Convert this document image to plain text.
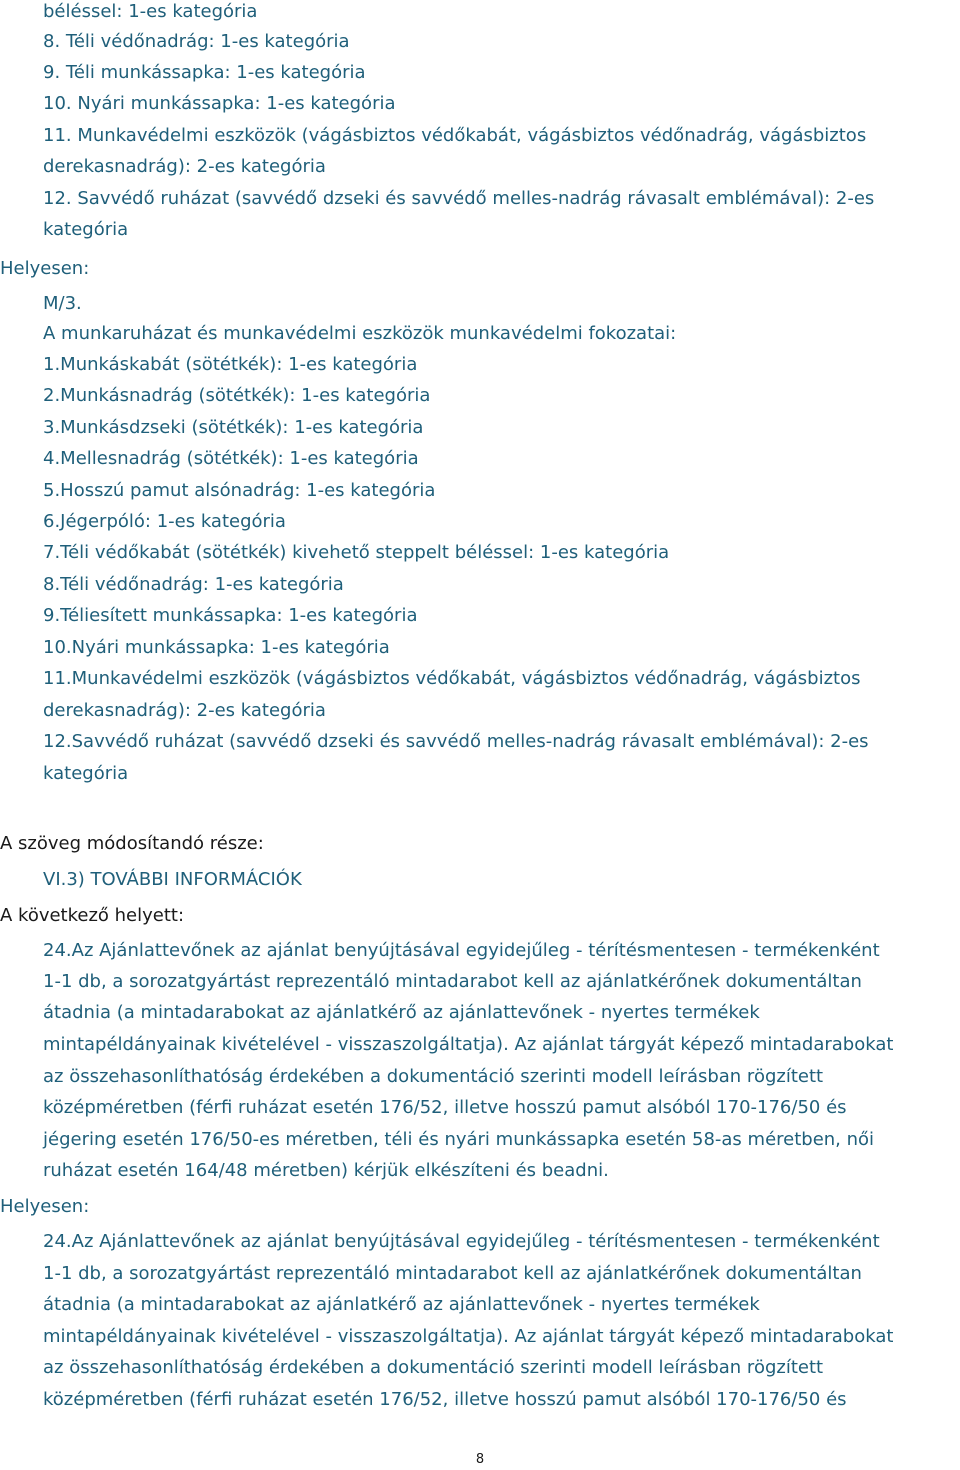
béléssel: 1-es kategória
8. Téli védőnadrág: 1-es kategória
9. Téli munkássapka: 1-es kategória
10. Nyári munkássapka: 1-es kategória
11. Munkavédelmi eszközök (vágásbiztos védőkabát, vágásbiztos védőnadrág, vágásbiztos
derekasnadrág): 2-es kategória
12. Savvédő ruházat (savvédő dzseki és savvédő melles-nadrág rávasalt emblémával): 2-es
kategória
Helyesen:
M/3.
A munkaruházat és munkavédelmi eszközök munkavédelmi fokozatai:
1.Munkáskabát (sötétkék): 1-es kategória
2.Munkásnadrág (sötétkék): 1-es kategória
3.Munkásdzseki (sötétkék): 1-es kategória
4.Mellesnadrág (sötétkék): 1-es kategória
5.Hosszú pamut alsónadrág: 1-es kategória
6.Jégerpóló: 1-es kategória
7.Téli védőkabát (sötétkék) kivehető steppelt béléssel: 1-es kategória
8.Téli védőnadrág: 1-es kategória
9.Téliesített munkássapka: 1-es kategória
10.Nyári munkássapka: 1-es kategória
11.Munkavédelmi eszközök (vágásbiztos védőkabát, vágásbiztos védőnadrág, vágásbiztos
derekasnadrág): 2-es kategória
12.Savvédő ruházat (savvédő dzseki és savvédő melles-nadrág rávasalt emblémával): 2-es
kategória
A szöveg módosítandó része:
VI.3) TOVÁBBI INFORMÁCIÓK
A következő helyett:
24.Az Ajánlattevőnek az ajánlat benyújtásával egyidejűleg - térítésmentesen - termékenként
1-1 db, a sorozatgyártást reprezentáló mintadarabot kell az ajánlatkérőnek dokumentáltan
átadnia (a mintadarabokat az ajánlatkérő az ajánlattevőnek - nyertes termékek
mintapéldányainak kivételével - visszaszolgáltatja). Az ajánlat tárgyát képező mintadarabokat
az összehasonlíthatóság érdekében a dokumentáció szerinti modell leírásban rögzített
középméretben (férfi ruházat esetén 176/52, illetve hosszú pamut alsóból 170-176/50 és
jégering esetén 176/50-es méretben, téli és nyári munkássapka esetén 58-as méretben, női
ruházat esetén 164/48 méretben) kérjük elkészíteni és beadni.
Helyesen:
24.Az Ajánlattevőnek az ajánlat benyújtásával egyidejűleg - térítésmentesen - termékenként
1-1 db, a sorozatgyártást reprezentáló mintadarabot kell az ajánlatkérőnek dokumentáltan
átadnia (a mintadarabokat az ajánlatkérő az ajánlattevőnek - nyertes termékek
mintapéldányainak kivételével - visszaszolgáltatja). Az ajánlat tárgyát képező mintadarabokat
az összehasonlíthatóság érdekében a dokumentáció szerinti modell leírásban rögzített
középméretben (férfi ruházat esetén 176/52, illetve hosszú pamut alsóból 170-176/50 és
8
